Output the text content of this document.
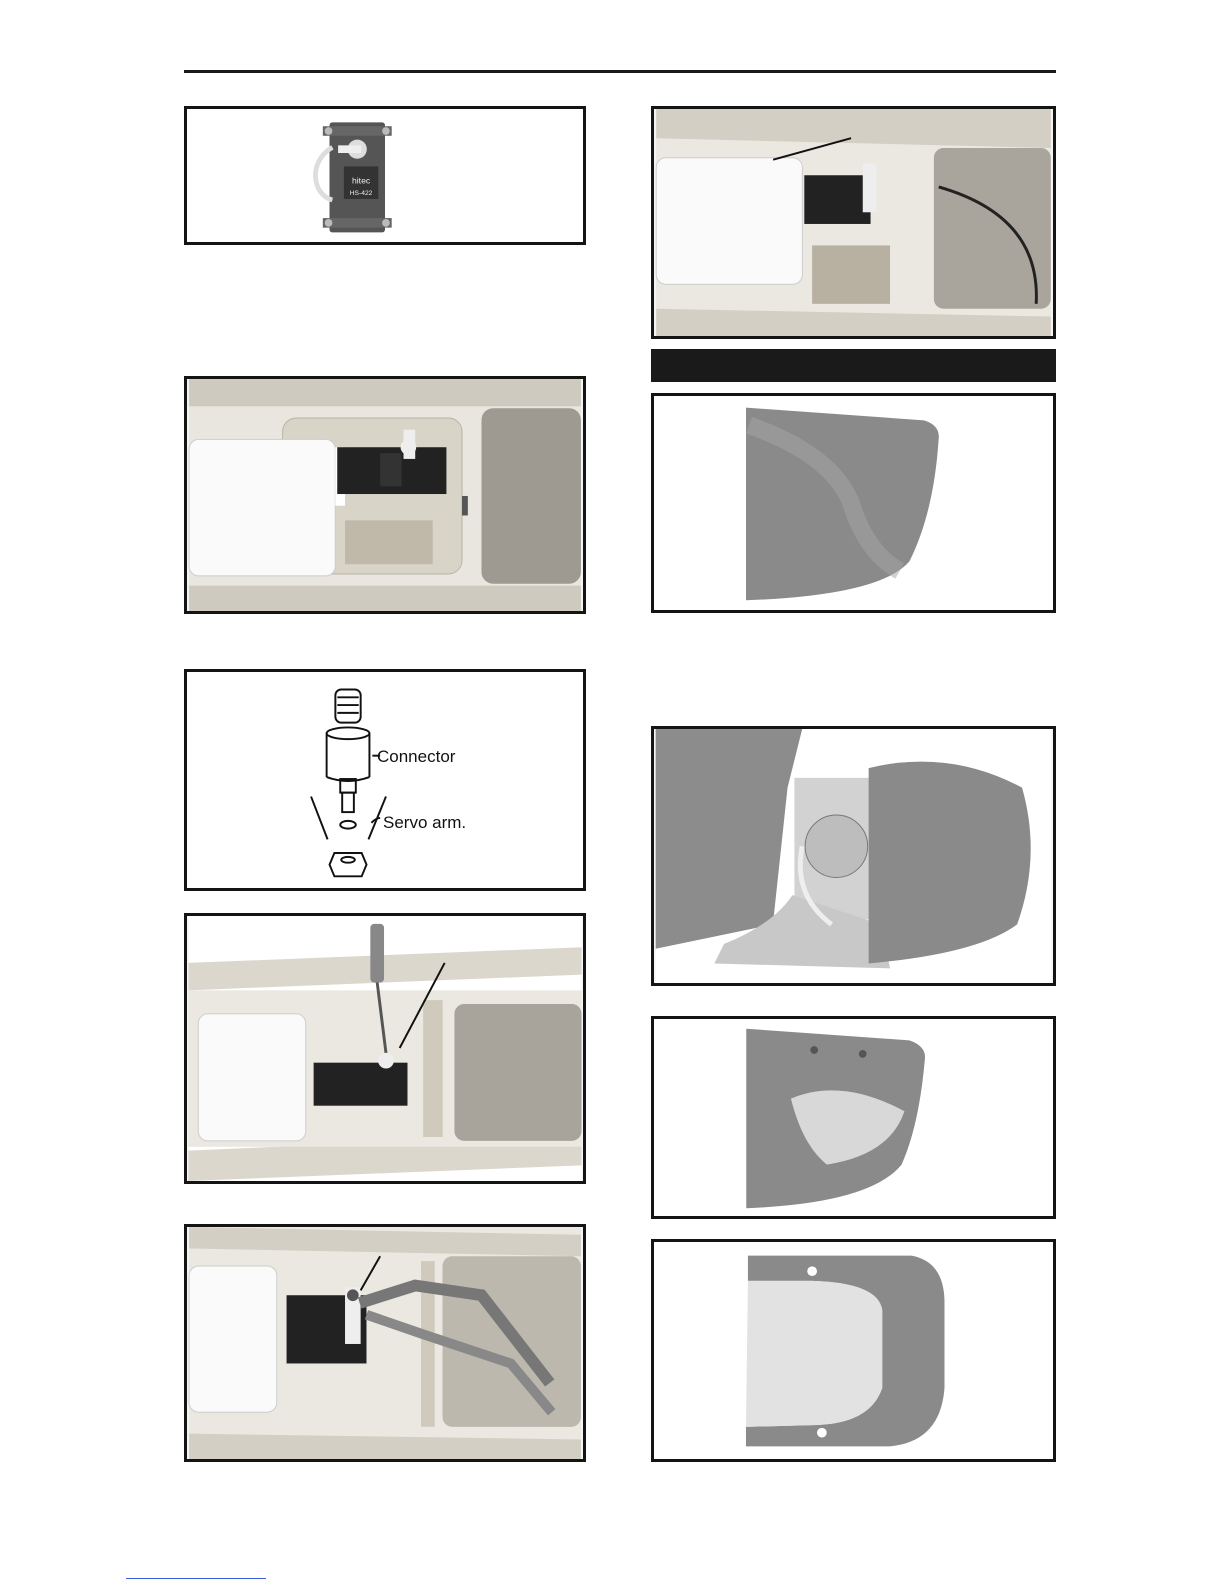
hitec
HS-422
Connector
Servo arm.
